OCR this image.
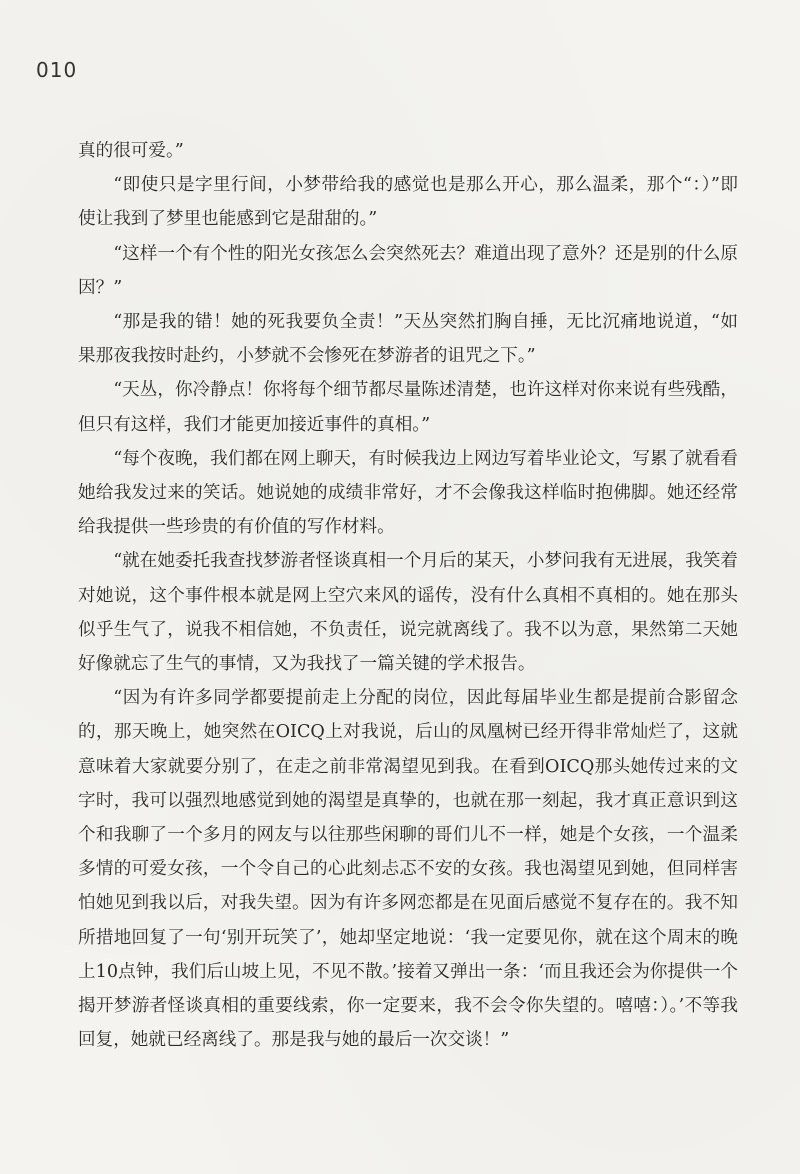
010

真的很可爱。”

“即使只是字里行间，小梦带给我的感觉也是那么开心，那么温柔，那个“：）”即使让我到了梦里也能感到它是甜甜的。”

“这样一个有个性的阳光女孩怎么会突然死去？难道出现了意外？还是别的什么原因？”

“那是我的错！她的死我要负全责！”天丛突然扪胸自捶，无比沉痛地说道，“如果那夜我按时赴约，小梦就不会惨死在梦游者的诅咒之下。”

“天丛，你冷静点！你将每个细节都尽量陈述清楚，也许这样对你来说有些残酷，但只有这样，我们才能更加接近事件的真相。”

“每个夜晚，我们都在网上聊天，有时候我边上网边写着毕业论文，写累了就看看她给我发过来的笑话。她说她的成绩非常好，才不会像我这样临时抱佛脚。她还经常给我提供一些珍贵的有价值的写作材料。

“就在她委托我查找梦游者怪谈真相一个月后的某天，小梦问我有无进展，我笑着对她说，这个事件根本就是网上空穴来风的谣传，没有什么真相不真相的。她在那头似乎生气了，说我不相信她，不负责任，说完就离线了。我不以为意，果然第二天她好像就忘了生气的事情，又为我找了一篇关键的学术报告。

“因为有许多同学都要提前走上分配的岗位，因此每届毕业生都是提前合影留念的，那天晚上，她突然在OICQ上对我说，后山的凤凰树已经开得非常灿烂了，这就意味着大家就要分别了，在走之前非常渴望见到我。在看到OICQ那头她传过来的文字时，我可以强烈地感觉到她的渴望是真挚的，也就在那一刻起，我才真正意识到这个和我聊了一个多月的网友与以往那些闲聊的哥们儿不一样，她是个女孩，一个温柔多情的可爱女孩，一个令自己的心此刻忐忑不安的女孩。我也渴望见到她，但同样害怕她见到我以后，对我失望。因为有许多网恋都是在见面后感觉不复存在的。我不知所措地回复了一句‘别开玩笑了’，她却坚定地说：‘我一定要见你，就在这个周末的晚上10点钟，我们后山坡上见，不见不散。’接着又弹出一条：‘而且我还会为你提供一个揭开梦游者怪谈真相的重要线索，你一定要来，我不会令你失望的。嘻嘻：）。’不等我回复，她就已经离线了。那是我与她的最后一次交谈！”
